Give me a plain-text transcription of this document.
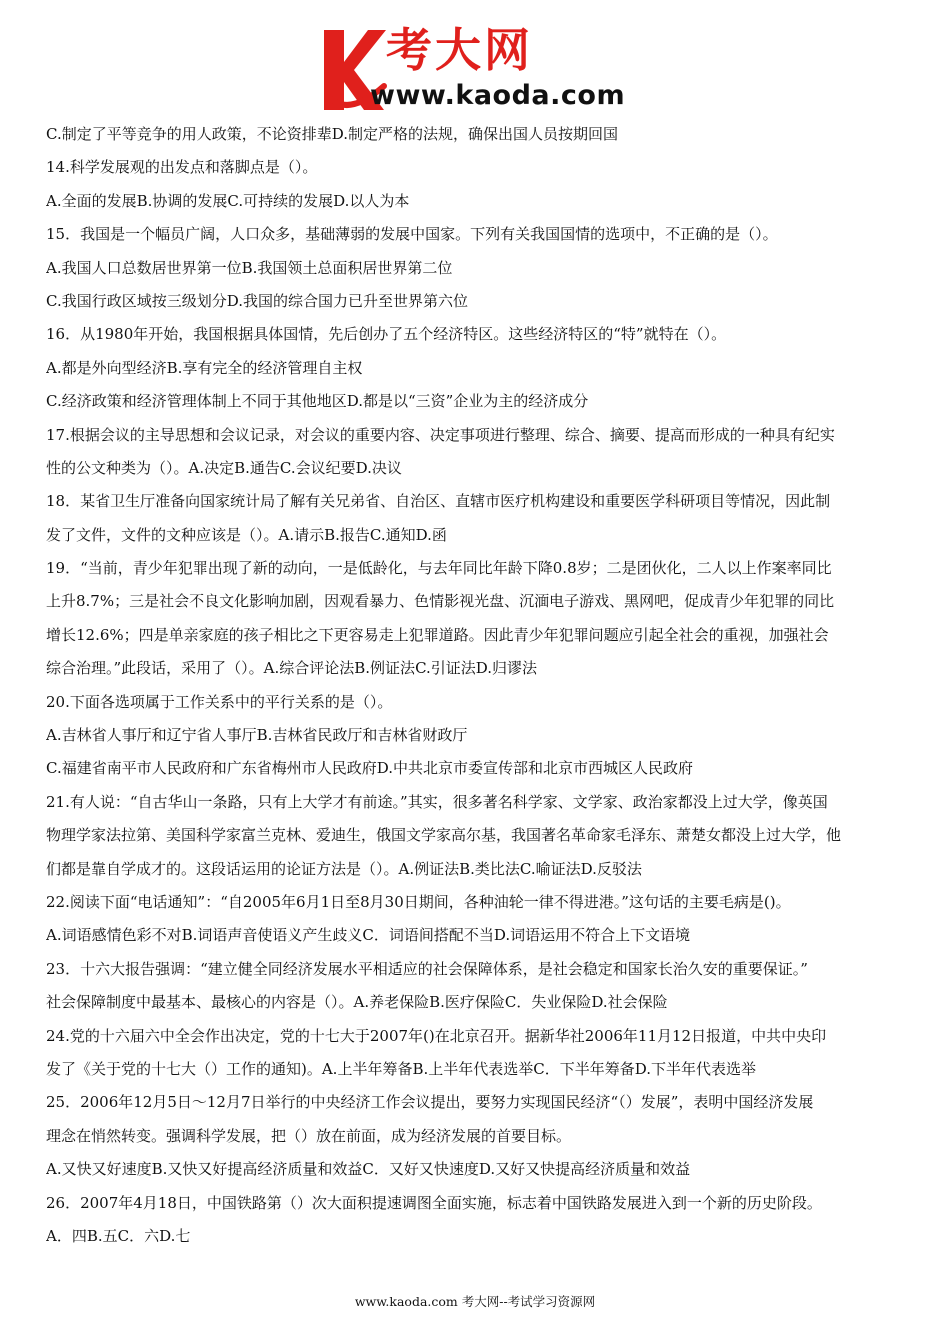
考大网
www.kaoda.com
C.制定了平等竞争的用人政策，不论资排辈D.制定严格的法规，确保出国人员按期回国
14.科学发展观的出发点和落脚点是（）。
A.全面的发展B.协调的发展C.可持续的发展D.以人为本
15．我国是一个幅员广阔，人口众多，基础薄弱的发展中国家。下列有关我国国情的选项中，不正确的是（）。
A.我国人口总数居世界第一位B.我国领土总面积居世界第二位
C.我国行政区域按三级划分D.我国的综合国力已升至世界第六位
16．从1980年开始，我国根据具体国情，先后创办了五个经济特区。这些经济特区的“特”就特在（）。
A.都是外向型经济B.享有完全的经济管理自主权
C.经济政策和经济管理体制上不同于其他地区D.都是以“三资”企业为主的经济成分
17.根据会议的主导思想和会议记录，对会议的重要内容、决定事项进行整理、综合、摘要、提高而形成的一种具有纪实
性的公文种类为（）。A.决定B.通告C.会议纪要D.决议
18．某省卫生厅准备向国家统计局了解有关兄弟省、自治区、直辖市医疗机构建设和重要医学科研项目等情况，因此制
发了文件，文件的文种应该是（）。A.请示B.报告C.通知D.函
19．“当前，青少年犯罪出现了新的动向，一是低龄化，与去年同比年龄下降0.8岁；二是团伙化，二人以上作案率同比
上升8.7%；三是社会不良文化影响加剧，因观看暴力、色情影视光盘、沉湎电子游戏、黑网吧，促成青少年犯罪的同比
增长12.6%；四是单亲家庭的孩子相比之下更容易走上犯罪道路。因此青少年犯罪问题应引起全社会的重视，加强社会
综合治理。”此段话，采用了（）。A.综合评论法B.例证法C.引证法D.归谬法
20.下面各选项属于工作关系中的平行关系的是（）。
A.吉林省人事厅和辽宁省人事厅B.吉林省民政厅和吉林省财政厅
C.福建省南平市人民政府和广东省梅州市人民政府D.中共北京市委宣传部和北京市西城区人民政府
21.有人说：“自古华山一条路，只有上大学才有前途。”其实，很多著名科学家、文学家、政治家都没上过大学，像英国
物理学家法拉第、美国科学家富兰克林、爱迪生，俄国文学家高尔基，我国著名革命家毛泽东、萧楚女都没上过大学，他
们都是靠自学成才的。这段话运用的论证方法是（）。A.例证法B.类比法C.喻证法D.反驳法
22.阅读下面“电话通知”：“自2005年6月1日至8月30日期间，各种油轮一律不得进港。”这句话的主要毛病是()。
A.词语感情色彩不对B.词语声音使语义产生歧义C．词语间搭配不当D.词语运用不符合上下文语境
23．十六大报告强调：“建立健全同经济发展水平相适应的社会保障体系，是社会稳定和国家长治久安的重要保证。”
社会保障制度中最基本、最核心的内容是（）。A.养老保险B.医疗保险C．失业保险D.社会保险
24.党的十六届六中全会作出决定，党的十七大于2007年()在北京召开。据新华社2006年11月12日报道，中共中央印
发了《关于党的十七大（）工作的通知)。A.上半年筹备B.上半年代表选举C．下半年筹备D.下半年代表选举
25．2006年12月5日～12月7日举行的中央经济工作会议提出，要努力实现国民经济“（）发展”，表明中国经济发展
理念在悄然转变。强调科学发展，把（）放在前面，成为经济发展的首要目标。
A.又快又好速度B.又快又好提高经济质量和效益C．又好又快速度D.又好又快提高经济质量和效益
26．2007年4月18日，中国铁路第（）次大面积提速调图全面实施，标志着中国铁路发展进入到一个新的历史阶段。
A．四B.五C．六D.七
www.kaoda.com 考大网--考试学习资源网
